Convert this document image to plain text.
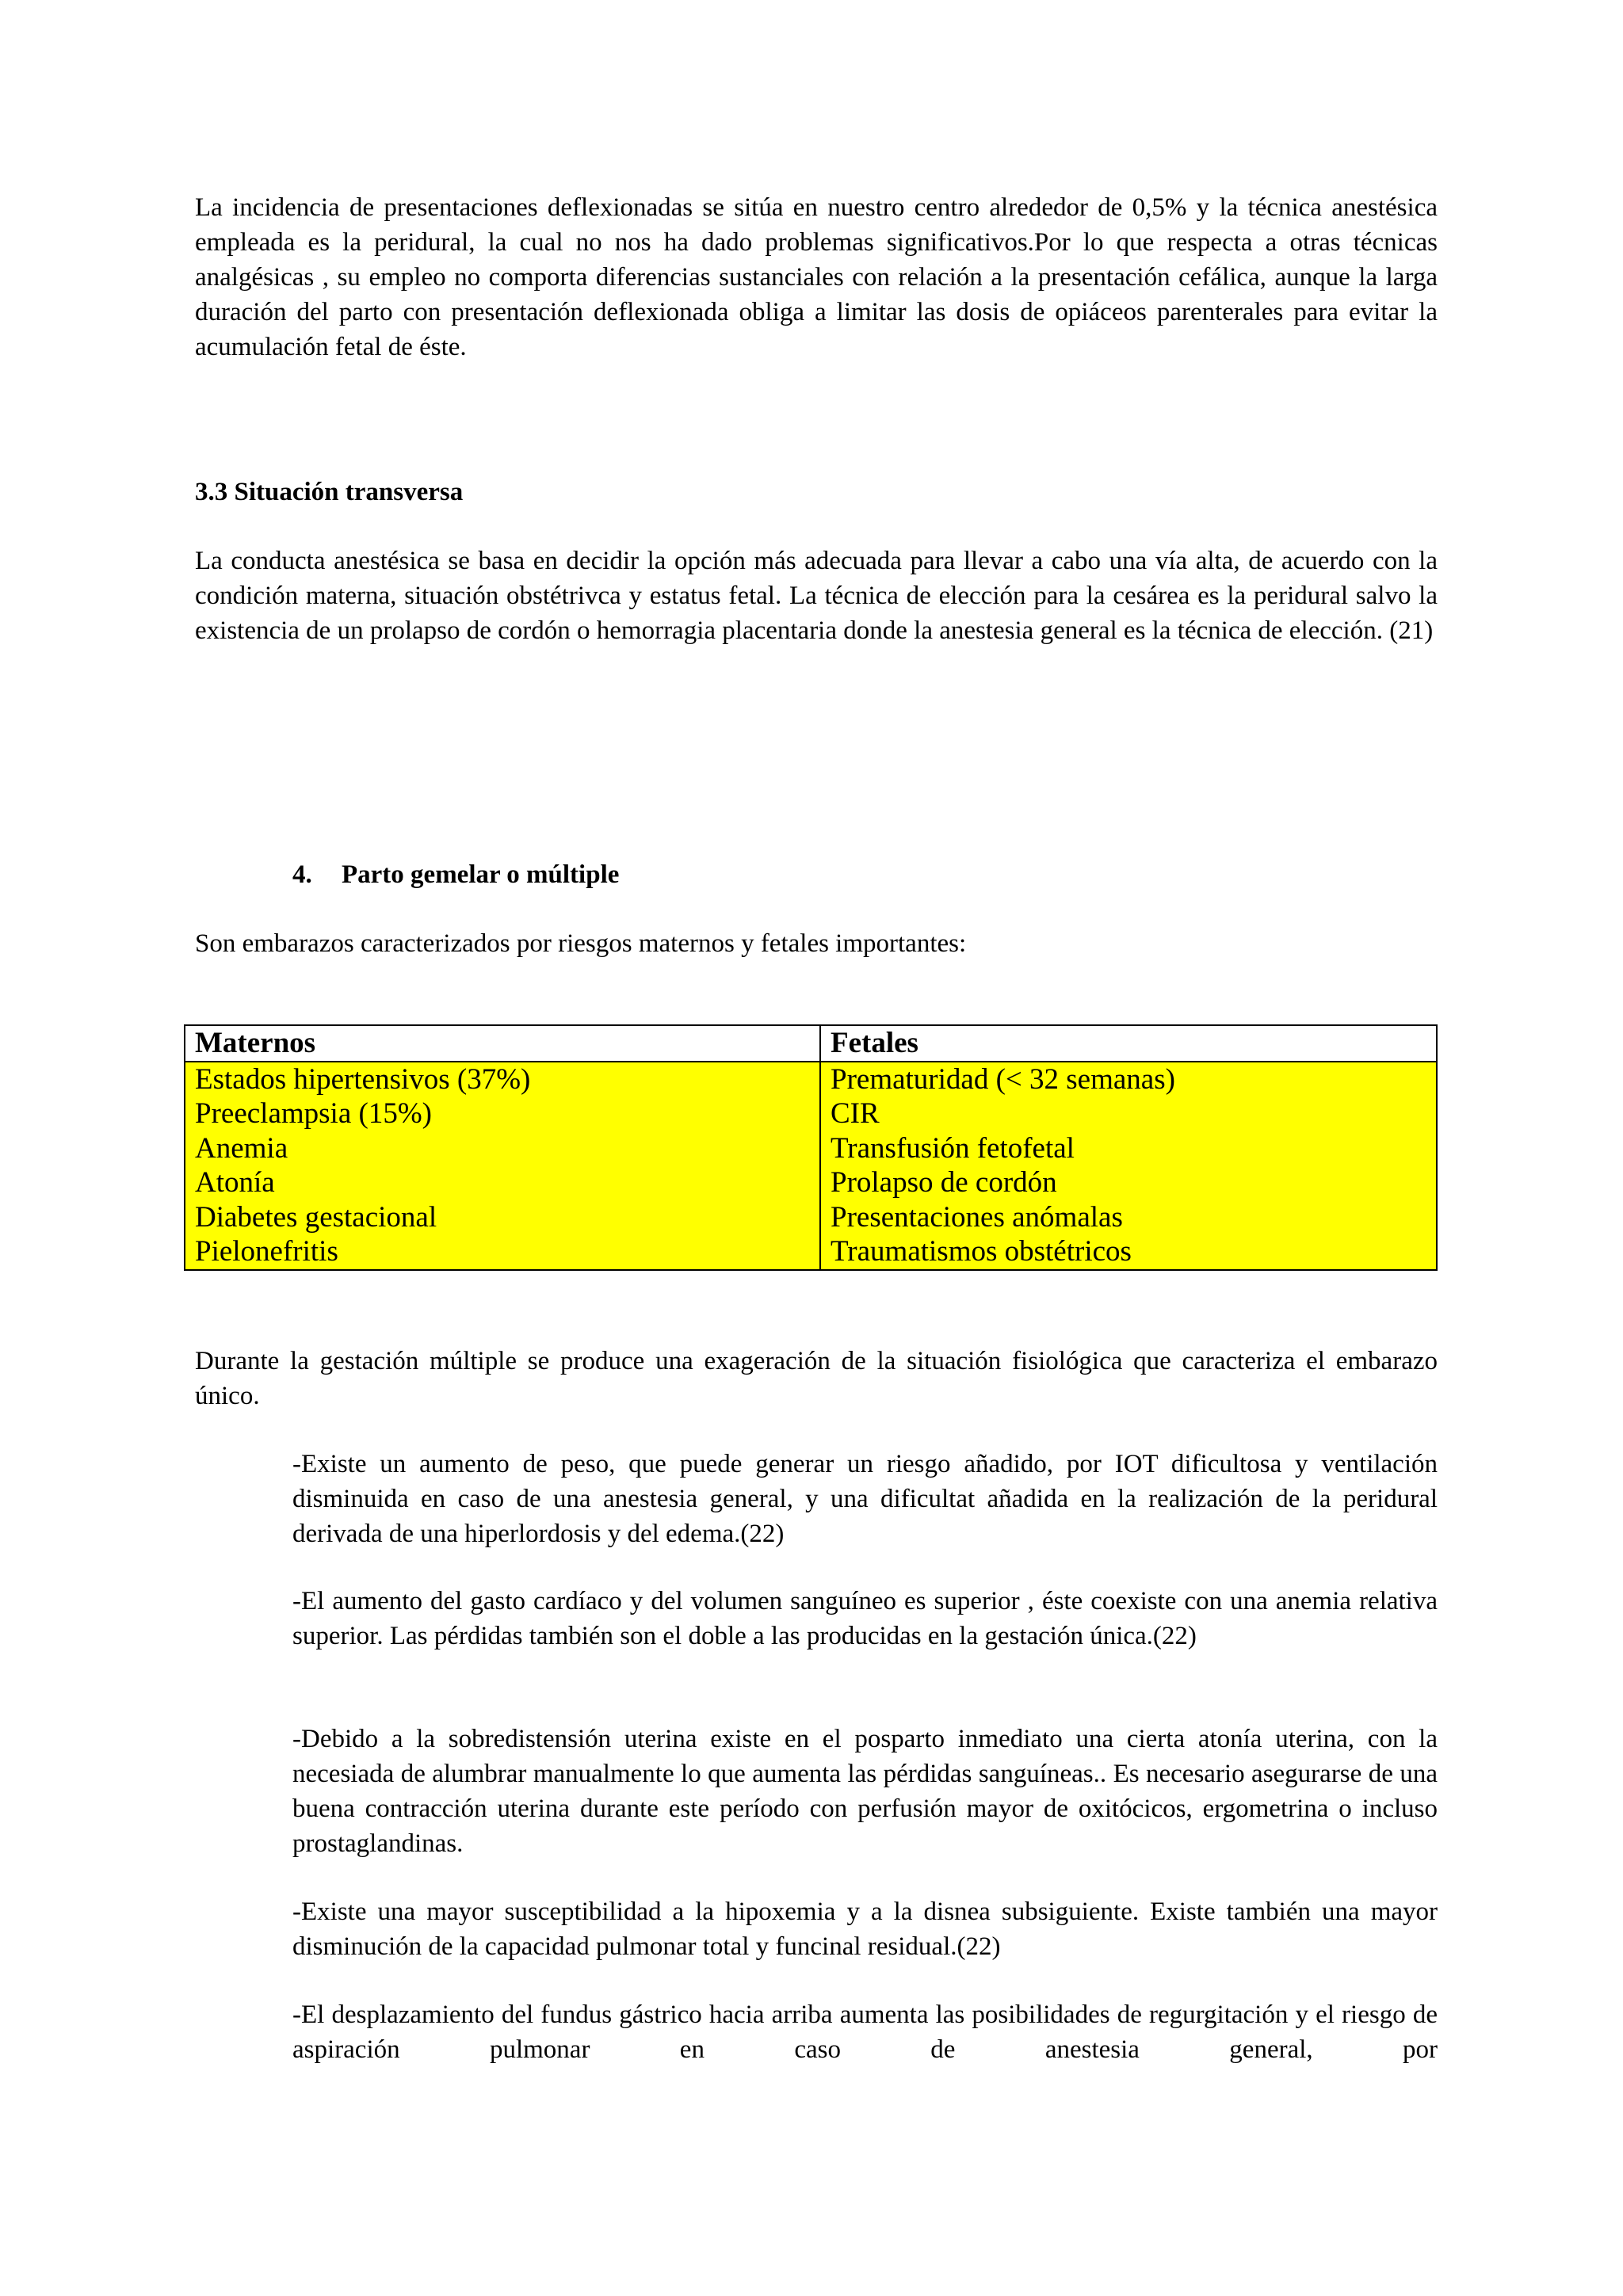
La incidencia de presentaciones deflexionadas se sitúa en nuestro centro alrededor de 0,5% y la técnica anestésica empleada es la peridural, la cual no nos ha dado problemas significativos.Por lo que respecta a otras técnicas analgésicas , su empleo no comporta diferencias sustanciales con relación a la presentación cefálica, aunque la larga duración del parto con presentación deflexionada obliga a limitar las dosis de opiáceos parenterales para evitar la acumulación fetal de éste.

3.3 Situación transversa

La conducta anestésica se basa en decidir la opción más adecuada para llevar a cabo una vía alta, de acuerdo con la condición materna, situación obstétrivca y estatus fetal. La técnica de elección para la cesárea es la peridural salvo la existencia de un prolapso de cordón o hemorragia placentaria donde la anestesia general es la técnica de elección. (21)

4. Parto gemelar o múltiple

Son embarazos caracterizados por riesgos maternos y fetales importantes:

Maternos	Fetales
Estados hipertensivos (37%)	Prematuridad (< 32 semanas)
Preeclampsia (15%)	CIR
Anemia	Transfusión fetofetal
Atonía	Prolapso de cordón
Diabetes gestacional	Presentaciones anómalas
Pielonefritis	Traumatismos obstétricos

Durante la gestación múltiple se produce una exageración de la situación fisiológica que caracteriza el embarazo único.

-Existe un aumento de peso, que puede generar un riesgo añadido, por IOT dificultosa y ventilación disminuida en caso de una anestesia general, y una dificultat añadida en la realización de la peridural derivada de una hiperlordosis y del edema.(22)

-El aumento del gasto cardíaco y del volumen sanguíneo es superior , éste coexiste con una anemia relativa superior. Las pérdidas también son el doble a las producidas en la gestación única.(22)

-Debido a la sobredistensión uterina existe en el posparto inmediato una cierta atonía uterina, con la necesiada de alumbrar manualmente lo que aumenta las pérdidas sanguíneas.. Es necesario asegurarse de una buena contracción uterina durante este período con perfusión mayor de oxitócicos, ergometrina o incluso prostaglandinas.

-Existe una mayor susceptibilidad a la hipoxemia y a la disnea subsiguiente. Existe también una mayor disminución de la capacidad pulmonar total y funcinal residual.(22)

-El desplazamiento del fundus gástrico hacia arriba aumenta las posibilidades de regurgitación y el riesgo de aspiración pulmonar en caso de anestesia general, por
